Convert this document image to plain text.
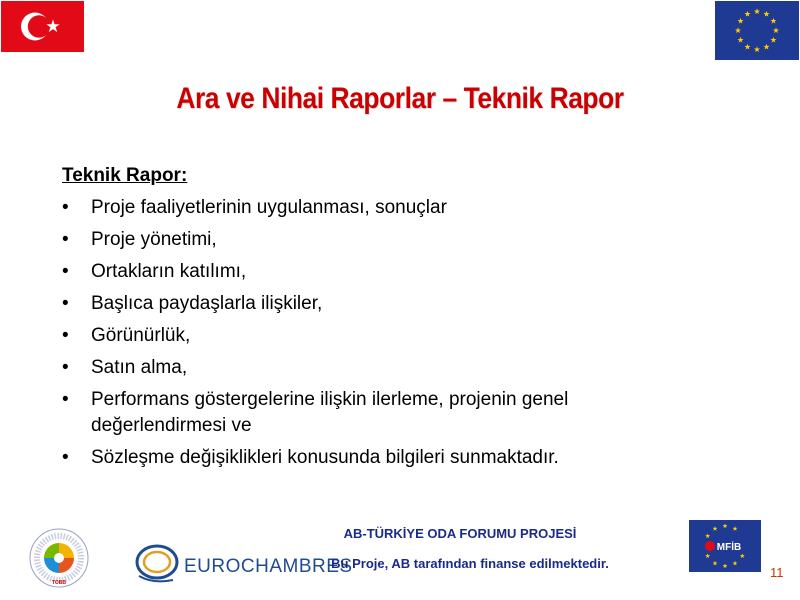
Ara ve Nihai Raporlar – Teknik Rapor
Teknik Rapor:
• Proje faaliyetlerinin uygulanması, sonuçlar
• Proje yönetimi,
• Ortakların katılımı,
• Başlıca paydaşlarla ilişkiler,
• Görünürlük,
• Satın alma,
• Performans göstergelerine ilişkin ilerleme, projenin genel değerlendirmesi ve
• Sözleşme değişiklikleri konusunda bilgileri sunmaktadır.
TOBB
EUROCHAMBRES
AB-TÜRKİYE ODA FORUMU PROJESİ
Bu Proje, AB tarafından finanse edilmektedir.
MFİB
11
